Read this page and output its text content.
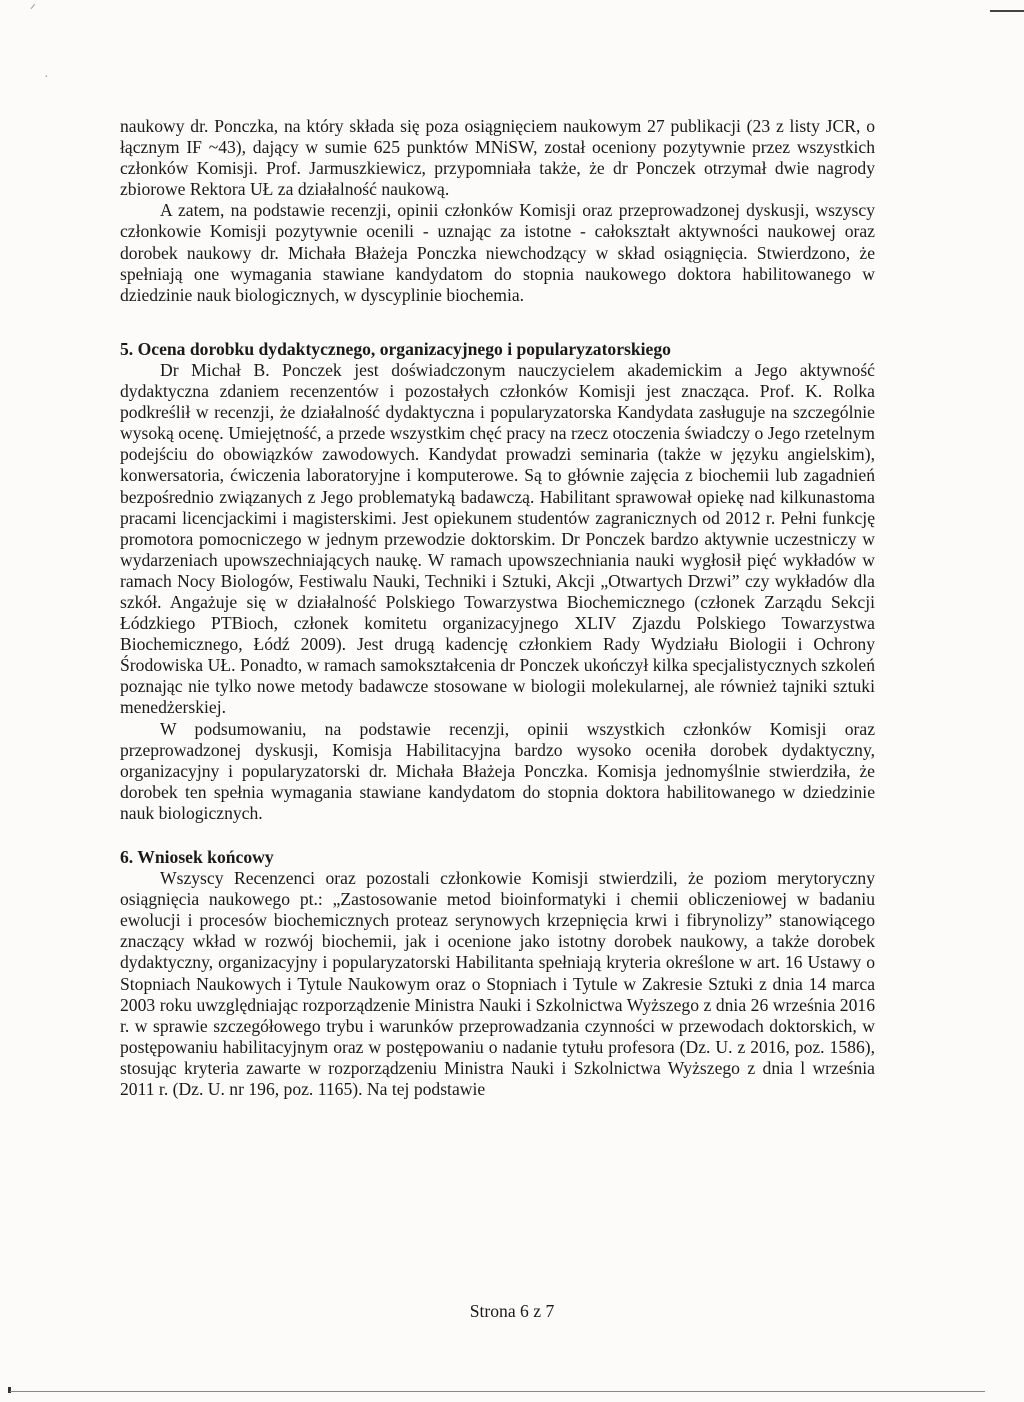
ᐟ
·

naukowy dr. Ponczka, na który składa się poza osiągnięciem naukowym 27 publikacji (23 z listy JCR, o łącznym IF ~43), dający w sumie 625 punktów MNiSW, został oceniony pozytywnie przez wszystkich członków Komisji. Prof. Jarmuszkiewicz, przypomniała także, że dr Ponczek otrzymał dwie nagrody zbiorowe Rektora UŁ za działalność naukową.

A zatem, na podstawie recenzji, opinii członków Komisji oraz przeprowadzonej dyskusji, wszyscy członkowie Komisji pozytywnie ocenili - uznając za istotne - całokształt aktywności naukowej oraz dorobek naukowy dr. Michała Błażeja Ponczka niewchodzący w skład osiągnięcia. Stwierdzono, że spełniają one wymagania stawiane kandydatom do stopnia naukowego doktora habilitowanego w dziedzinie nauk biologicznych, w dyscyplinie biochemia.

5. Ocena dorobku dydaktycznego, organizacyjnego i popularyzatorskiego

Dr Michał B. Ponczek jest doświadczonym nauczycielem akademickim a Jego aktywność dydaktyczna zdaniem recenzentów i pozostałych członków Komisji jest znacząca. Prof. K. Rolka podkreślił w recenzji, że działalność dydaktyczna i popularyzatorska Kandydata zasługuje na szczególnie wysoką ocenę. Umiejętność, a przede wszystkim chęć pracy na rzecz otoczenia świadczy o Jego rzetelnym podejściu do obowiązków zawodowych. Kandydat prowadzi seminaria (także w języku angielskim), konwersatoria, ćwiczenia laboratoryjne i komputerowe. Są to głównie zajęcia z biochemii lub zagadnień bezpośrednio związanych z Jego problematyką badawczą. Habilitant sprawował opiekę nad kilkunastoma pracami licencjackimi i magisterskimi. Jest opiekunem studentów zagranicznych od 2012 r. Pełni funkcję promotora pomocniczego w jednym przewodzie doktorskim. Dr Ponczek bardzo aktywnie uczestniczy w wydarzeniach upowszechniających naukę. W ramach upowszechniania nauki wygłosił pięć wykładów w ramach Nocy Biologów, Festiwalu Nauki, Techniki i Sztuki, Akcji „Otwartych Drzwi” czy wykładów dla szkół. Angażuje się w działalność Polskiego Towarzystwa Biochemicznego (członek Zarządu Sekcji Łódzkiego PTBioch, członek komitetu organizacyjnego XLIV Zjazdu Polskiego Towarzystwa Biochemicznego, Łódź 2009). Jest drugą kadencję członkiem Rady Wydziału Biologii i Ochrony Środowiska UŁ. Ponadto, w ramach samokształcenia dr Ponczek ukończył kilka specjalistycznych szkoleń poznając nie tylko nowe metody badawcze stosowane w biologii molekularnej, ale również tajniki sztuki menedżerskiej.

W podsumowaniu, na podstawie recenzji, opinii wszystkich członków Komisji oraz przeprowadzonej dyskusji, Komisja Habilitacyjna bardzo wysoko oceniła dorobek dydaktyczny, organizacyjny i popularyzatorski dr. Michała Błażeja Ponczka. Komisja jednomyślnie stwierdziła, że dorobek ten spełnia wymagania stawiane kandydatom do stopnia doktora habilitowanego w dziedzinie nauk biologicznych.

6. Wniosek końcowy

Wszyscy Recenzenci oraz pozostali członkowie Komisji stwierdzili, że poziom merytoryczny osiągnięcia naukowego pt.: „Zastosowanie metod bioinformatyki i chemii obliczeniowej w badaniu ewolucji i procesów biochemicznych proteaz serynowych krzepnięcia krwi i fibrynolizy” stanowiącego znaczący wkład w rozwój biochemii, jak i ocenione jako istotny dorobek naukowy, a także dorobek dydaktyczny, organizacyjny i popularyzatorski Habilitanta spełniają kryteria określone w art. 16 Ustawy o Stopniach Naukowych i Tytule Naukowym oraz o Stopniach i Tytule w Zakresie Sztuki z dnia 14 marca 2003 roku uwzględniając rozporządzenie Ministra Nauki i Szkolnictwa Wyższego z dnia 26 września 2016 r. w sprawie szczegółowego trybu i warunków przeprowadzania czynności w przewodach doktorskich, w postępowaniu habilitacyjnym oraz w postępowaniu o nadanie tytułu profesora (Dz. U. z 2016, poz. 1586), stosując kryteria zawarte w rozporządzeniu Ministra Nauki i Szkolnictwa Wyższego z dnia l września 2011 r. (Dz. U. nr 196, poz. 1165). Na tej podstawie

Strona 6 z 7
